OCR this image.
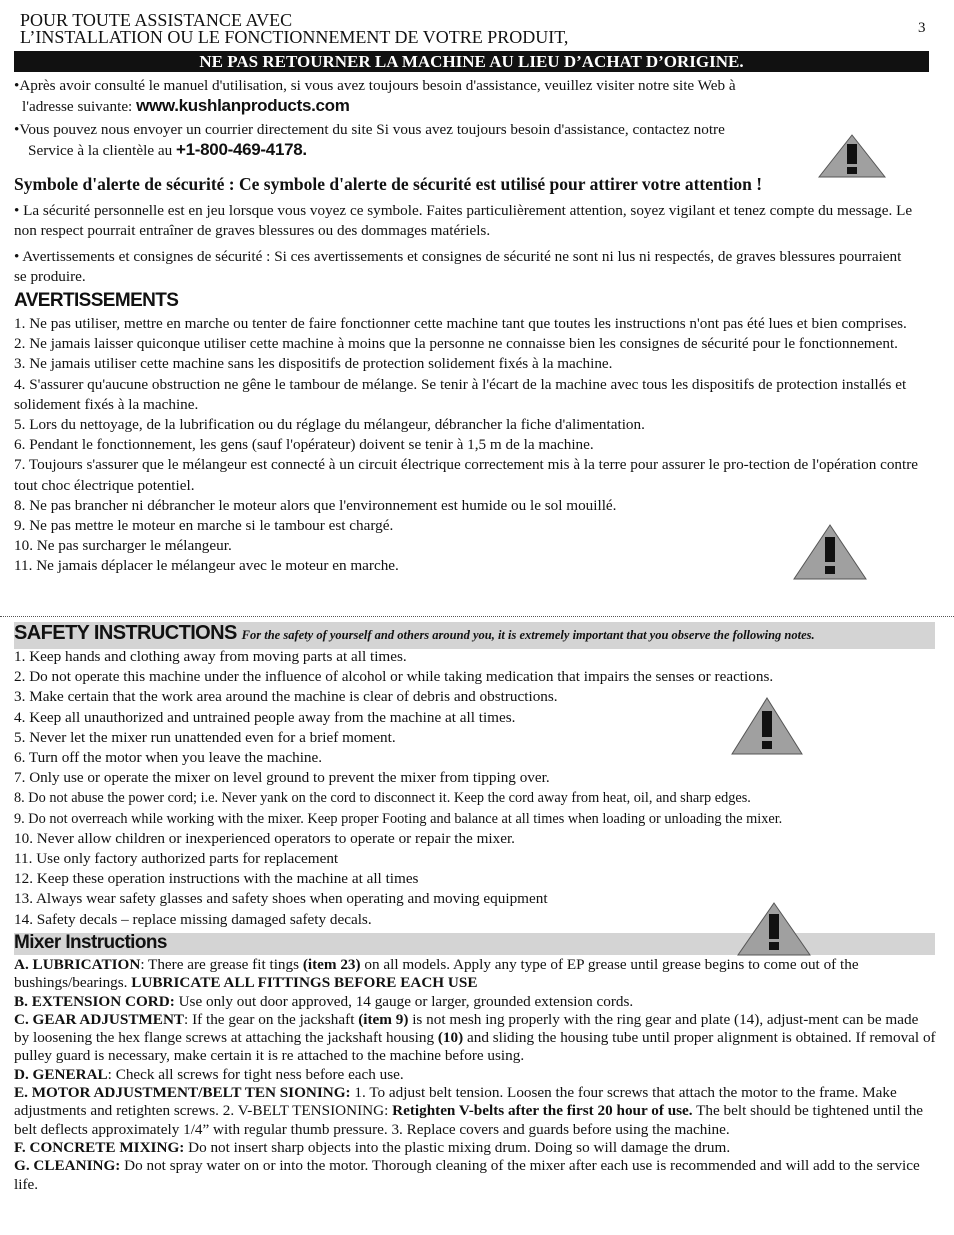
POUR TOUTE ASSISTANCE AVEC
L’INSTALLATION OU LE FONCTIONNEMENT DE VOTRE PRODUIT,	3
NE PAS RETOURNER LA MACHINE AU LIEU D’ACHAT D’ORIGINE.
•Après avoir consulté le manuel d'utilisation, si vous avez toujours besoin d'assistance, veuillez visiter notre site Web à
l'adresse suivante: www.kushlanproducts.com
•Vous pouvez nous envoyer un courrier directement du site Si vous avez toujours besoin d'assistance, contactez notre
Service à la clientèle au +1-800-469-4178.
Symbole d'alerte de sécurité : Ce symbole d'alerte de sécurité est utilisé pour attirer votre attention !
• La sécurité personnelle est en jeu lorsque vous voyez ce symbole. Faites particulièrement attention, soyez vigilant et tenez compte du message. Le non respect pourrait entraîner de graves blessures ou des dommages matériels.
• Avertissements et consignes de sécurité : Si ces avertissements et consignes de sécurité ne sont ni lus ni respectés, de graves blessures pourraient se produire.
AVERTISSEMENTS
1. Ne pas utiliser, mettre en marche ou tenter de faire fonctionner cette machine tant que toutes les instructions n'ont pas été lues et bien comprises.
2. Ne jamais laisser quiconque utiliser cette machine à moins que la personne ne connaisse bien les consignes de sécurité pour le fonctionnement.
3. Ne jamais utiliser cette machine sans les dispositifs de protection solidement fixés à la machine.
4. S'assurer qu'aucune obstruction ne gêne le tambour de mélange. Se tenir à l'écart de la machine avec tous les dispositifs de protection installés et solidement fixés à la machine.
5. Lors du nettoyage, de la lubrification ou du réglage du mélangeur, débrancher la fiche d'alimentation.
6. Pendant le fonctionnement, les gens (sauf l'opérateur) doivent se tenir à 1,5 m de la machine.
7. Toujours s'assurer que le mélangeur est connecté à un circuit électrique correctement mis à la terre pour assurer le pro-tection de l'opération contre tout choc électrique potentiel.
8. Ne pas brancher ni débrancher le moteur alors que l'environnement est humide ou le sol mouillé.
9. Ne pas mettre le moteur en marche si le tambour est chargé.
10. Ne pas surcharger le mélangeur.
11. Ne jamais déplacer le mélangeur avec le moteur en marche.
SAFETY INSTRUCTIONS For the safety of yourself and others around you, it is extremely important that you observe the following notes.
1. Keep hands and clothing away from moving parts at all times.
2. Do not operate this machine under the influence of alcohol or while taking medication that impairs the senses or reactions.
3. Make certain that the work area around the machine is clear of debris and obstructions.
4. Keep all unauthorized and untrained people away from the machine at all times.
5. Never let the mixer run unattended even for a brief moment.
6. Turn off the motor when you leave the machine.
7. Only use or operate the mixer on level ground to prevent the mixer from tipping over.
8. Do not abuse the power cord; i.e. Never yank on the cord to disconnect it. Keep the cord away from heat, oil, and sharp edges.
9. Do not overreach while working with the mixer. Keep proper Footing and balance at all times when loading or unloading the mixer.
10. Never allow children or inexperienced operators to operate or repair the mixer.
11. Use only factory authorized parts for replacement
12. Keep these operation instructions with the machine at all times
13. Always wear safety glasses and safety shoes when operating and moving equipment
14. Safety decals – replace missing damaged safety decals.
Mixer Instructions
A. LUBRICATION: There are grease fit tings (item 23) on all models. Apply any type of EP grease until grease begins to come out of the bushings/bearings. LUBRICATE ALL FITTINGS BEFORE EACH USE
B. EXTENSION CORD: Use only out door approved, 14 gauge or larger, grounded extension cords.
C. GEAR ADJUSTMENT: If the gear on the jackshaft (item 9) is not mesh ing properly with the ring gear and plate (14), adjust-ment can be made by loosening the hex flange screws at attaching the jackshaft housing (10) and sliding the housing tube until proper alignment is obtained. If removal of pulley guard is necessary, make certain it is re attached to the machine before using.
D. GENERAL: Check all screws for tight ness before each use.
E. MOTOR ADJUSTMENT/BELT TEN SIONING: 1. To adjust belt tension. Loosen the four screws that attach the motor to the frame. Make adjustments and retighten screws. 2. V-BELT TENSIONING: Retighten V-belts after the first 20 hour of use. The belt should be tightened until the belt deflects approximately 1/4” with regular thumb pressure. 3. Replace covers and guards before using the machine.
F. CONCRETE MIXING: Do not insert sharp objects into the plastic mixing drum. Doing so will damage the drum.
G. CLEANING: Do not spray water on or into the motor. Thorough cleaning of the mixer after each use is recommended and will add to the service life.
